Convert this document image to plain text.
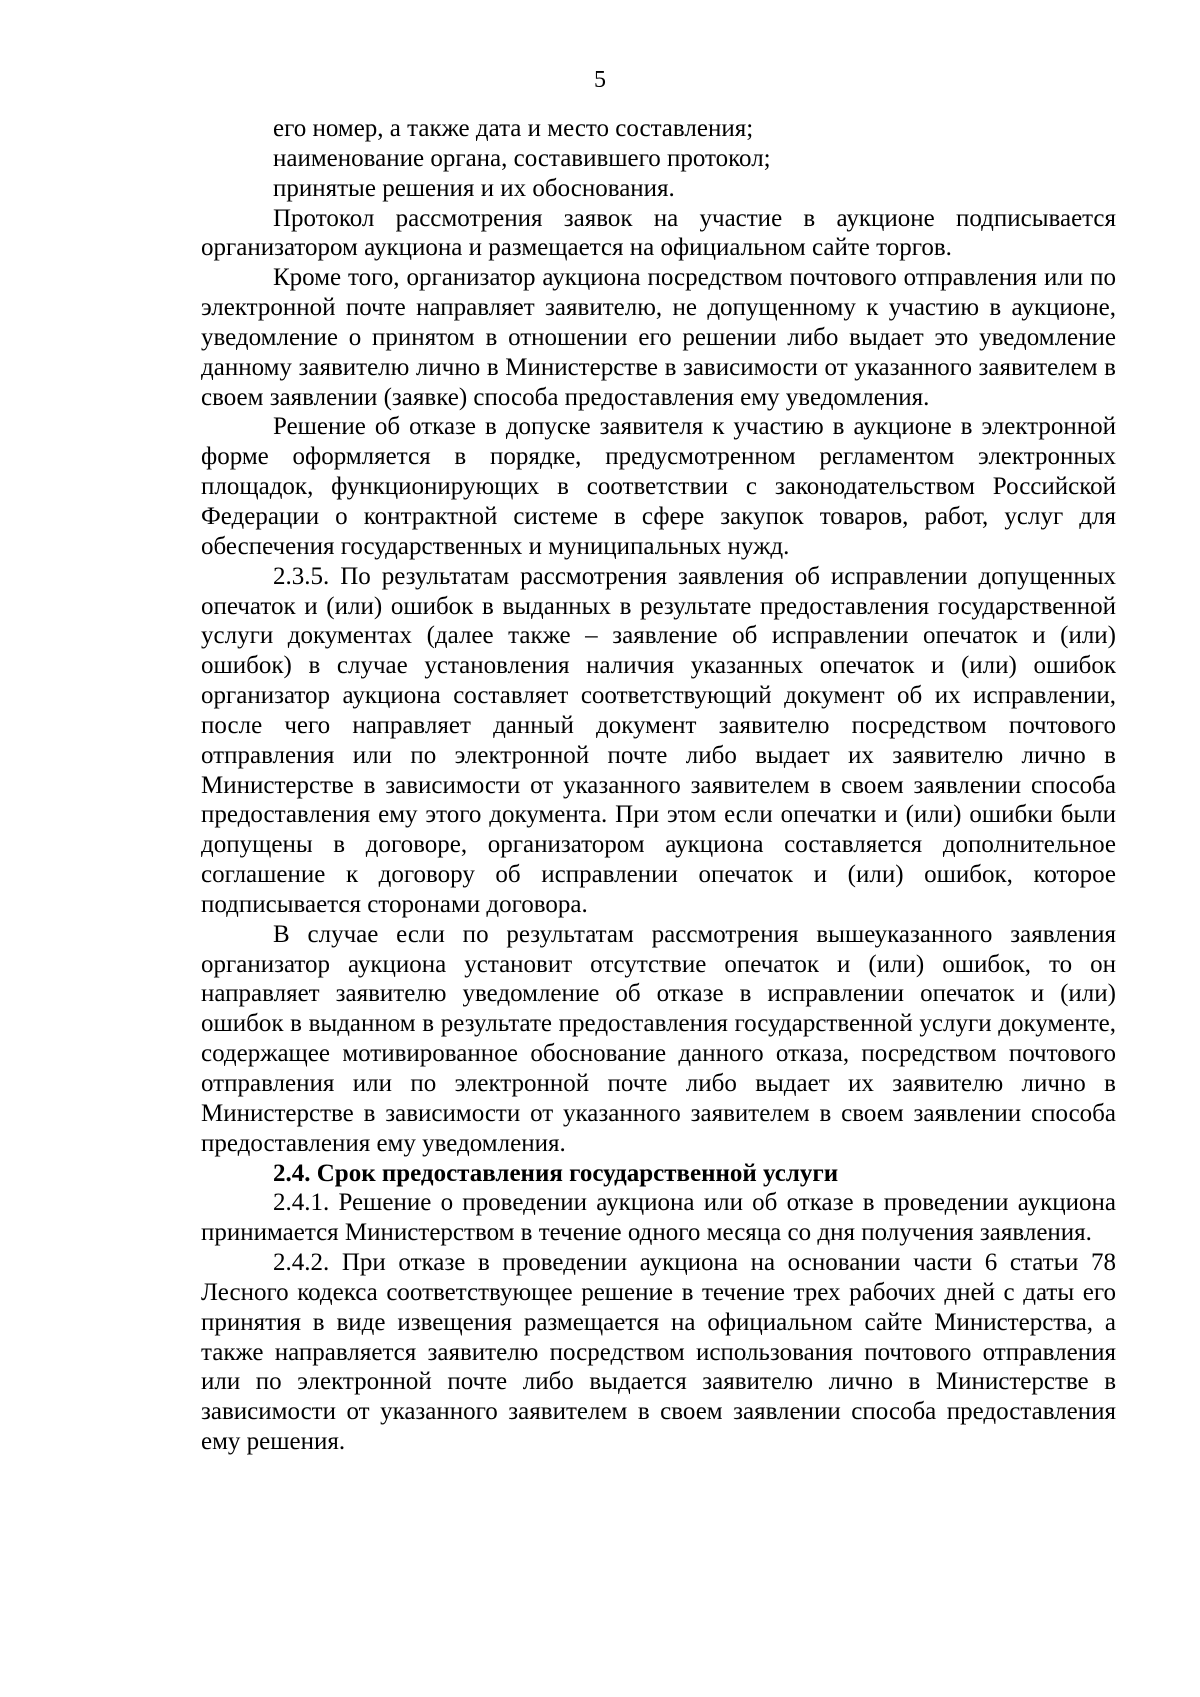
5

его номер, а также дата и место составления;

наименование органа, составившего протокол;

принятые решения и их обоснования.

Протокол рассмотрения заявок на участие в аукционе подписывается организатором аукциона и размещается на официальном сайте торгов.

Кроме того, организатор аукциона посредством почтового отправления или по электронной почте направляет заявителю, не допущенному к участию в аукционе, уведомление о принятом в отношении его решении либо выдает это уведомление данному заявителю лично в Министерстве в зависимости от указанного заявителем в своем заявлении (заявке) способа предоставления ему уведомления.

Решение об отказе в допуске заявителя к участию в аукционе в электронной форме оформляется в порядке, предусмотренном регламентом электронных площадок, функционирующих в соответствии с законодательством Российской Федерации о контрактной системе в сфере закупок товаров, работ, услуг для обеспечения государственных и муниципальных нужд.

2.3.5. По результатам рассмотрения заявления об исправлении допущенных опечаток и (или) ошибок в выданных в результате предоставления государственной услуги документах (далее также – заявление об исправлении опечаток и (или) ошибок) в случае установления наличия указанных опечаток и (или) ошибок организатор аукциона составляет соответствующий документ об их исправлении, после чего направляет данный документ заявителю посредством почтового отправления или по электронной почте либо выдает их заявителю лично в Министерстве в зависимости от указанного заявителем в своем заявлении способа предоставления ему этого документа. При этом если опечатки и (или) ошибки были допущены в договоре, организатором аукциона составляется дополнительное соглашение к договору об исправлении опечаток и (или) ошибок, которое подписывается сторонами договора.

В случае если по результатам рассмотрения вышеуказанного заявления организатор аукциона установит отсутствие опечаток и (или) ошибок, то он направляет заявителю уведомление об отказе в исправлении опечаток и (или) ошибок в выданном в результате предоставления государственной услуги документе, содержащее мотивированное обоснование данного отказа, посредством почтового отправления или по электронной почте либо выдает их заявителю лично в Министерстве в зависимости от указанного заявителем в своем заявлении способа предоставления ему уведомления.

2.4. Срок предоставления государственной услуги

2.4.1. Решение о проведении аукциона или об отказе в проведении аукциона принимается Министерством в течение одного месяца со дня получения заявления.

2.4.2. При отказе в проведении аукциона на основании части 6 статьи 78 Лесного кодекса соответствующее решение в течение трех рабочих дней с даты его принятия в виде извещения размещается на официальном сайте Министерства, а также направляется заявителю посредством использования почтового отправления или по электронной почте либо выдается заявителю лично в Министерстве в зависимости от указанного заявителем в своем заявлении способа предоставления ему решения.
